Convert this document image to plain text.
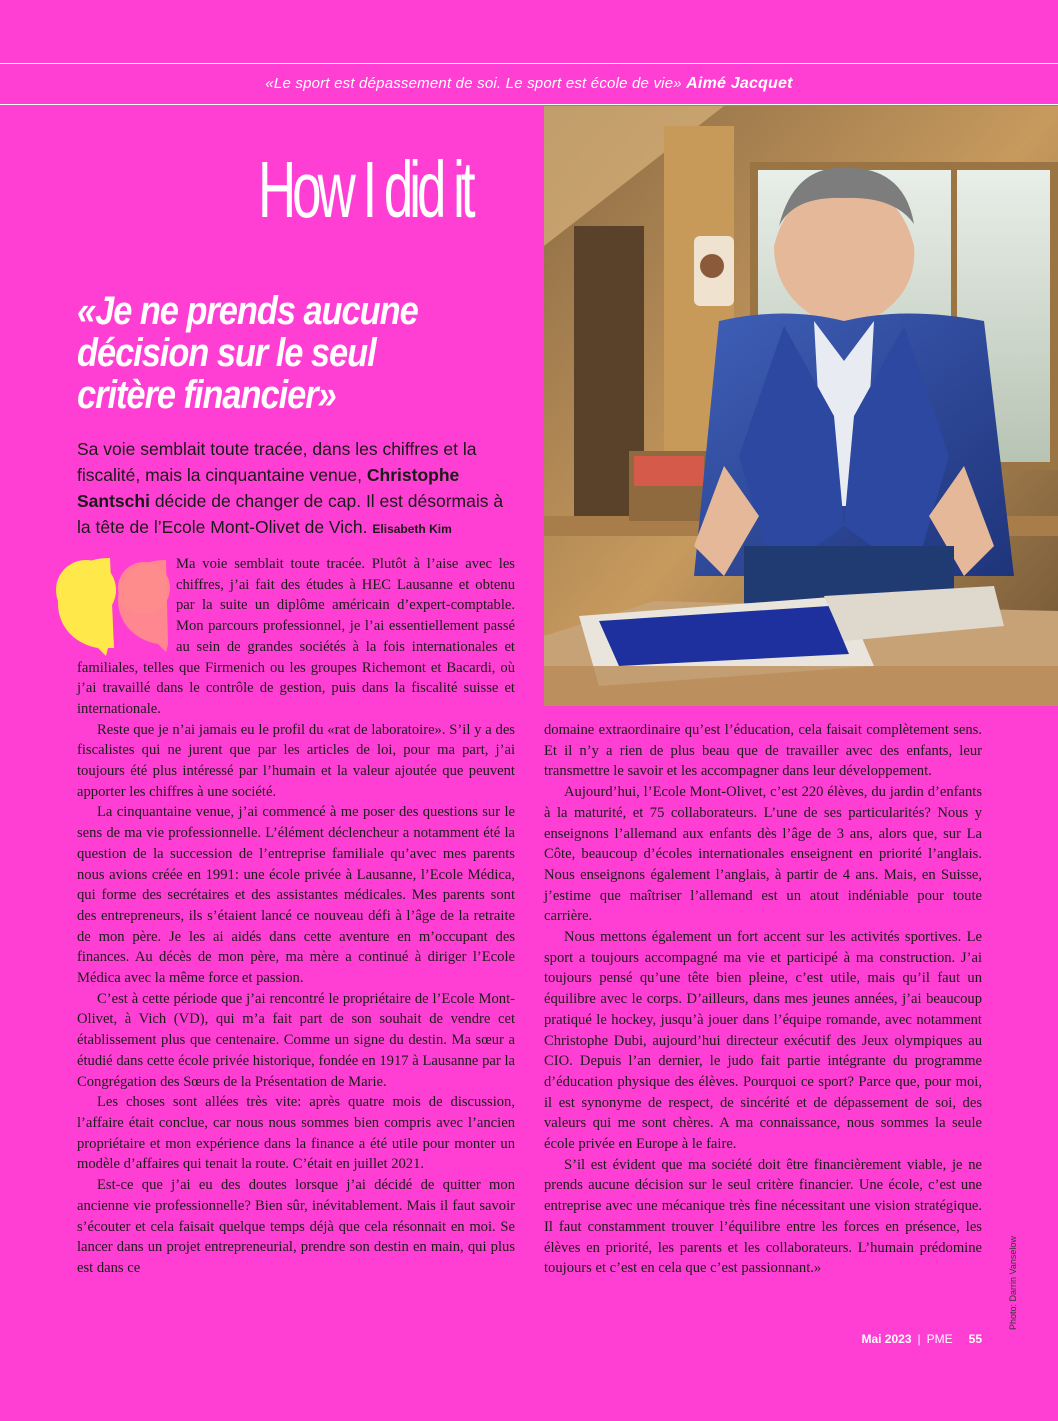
«Le sport est dépassement de soi. Le sport est école de vie» Aimé Jacquet
How I did it
«Je ne prends aucune décision sur le seul critère financier»

Sa voie semblait toute tracée, dans les chiffres et la fiscalité, mais la cinquantaine venue, Christophe Santschi décide de changer de cap. Il est désormais à la tête de l’Ecole Mont-Olivet de Vich. Elisabeth Kim

Ma voie semblait toute tracée. Plutôt à l’aise avec les chiffres, j’ai fait des études à HEC Lausanne et obtenu par la suite un diplôme américain d’expert-comptable. Mon parcours professionnel, je l’ai essentiellement passé au sein de grandes sociétés à la fois internationales et familiales, telles que Firmenich ou les groupes Richemont et Bacardi, où j’ai travaillé dans le contrôle de gestion, puis dans la fiscalité suisse et internationale.

Reste que je n’ai jamais eu le profil du «rat de laboratoire». S’il y a des fiscalistes qui ne jurent que par les articles de loi, pour ma part, j’ai toujours été plus intéressé par l’humain et la valeur ajoutée que peuvent apporter les chiffres à une société.

La cinquantaine venue, j’ai commencé à me poser des questions sur le sens de ma vie professionnelle. L’élément déclencheur a notamment été la question de la succession de l’entreprise familiale qu’avec mes parents nous avions créée en 1991: une école privée à Lausanne, l’Ecole Médica, qui forme des secrétaires et des assistantes médicales. Mes parents sont des entrepreneurs, ils s’étaient lancé ce nouveau défi à l’âge de la retraite de mon père. Je les ai aidés dans cette aventure en m’occupant des finances. Au décès de mon père, ma mère a continué à diriger l’Ecole Médica avec la même force et passion.

C’est à cette période que j’ai rencontré le propriétaire de l’Ecole Mont-Olivet, à Vich (VD), qui m’a fait part de son souhait de vendre cet établissement plus que centenaire. Comme un signe du destin. Ma sœur a étudié dans cette école privée historique, fondée en 1917 à Lausanne par la Congrégation des Sœurs de la Présentation de Marie.

Les choses sont allées très vite: après quatre mois de discussion, l’affaire était conclue, car nous nous sommes bien compris avec l’ancien propriétaire et mon expérience dans la finance a été utile pour monter un modèle d’affaires qui tenait la route. C’était en juillet 2021.

Est-ce que j’ai eu des doutes lorsque j’ai décidé de quitter mon ancienne vie professionnelle? Bien sûr, inévitablement. Mais il faut savoir s’écouter et cela faisait quelque temps déjà que cela résonnait en moi. Se lancer dans un projet entrepreneurial, prendre son destin en main, qui plus est dans ce

domaine extraordinaire qu’est l’éducation, cela faisait complètement sens. Et il n’y a rien de plus beau que de travailler avec des enfants, leur transmettre le savoir et les accompagner dans leur développement.

Aujourd’hui, l’Ecole Mont-Olivet, c’est 220 élèves, du jardin d’enfants à la maturité, et 75 collaborateurs. L’une de ses particularités? Nous y enseignons l’allemand aux enfants dès l’âge de 3 ans, alors que, sur La Côte, beaucoup d’écoles internationales enseignent en priorité l’anglais. Nous enseignons également l’anglais, à partir de 4 ans. Mais, en Suisse, j’estime que maîtriser l’allemand est un atout indéniable pour toute carrière.

Nous mettons également un fort accent sur les activités sportives. Le sport a toujours accompagné ma vie et participé à ma construction. J’ai toujours pensé qu’une tête bien pleine, c’est utile, mais qu’il faut un équilibre avec le corps. D’ailleurs, dans mes jeunes années, j’ai beaucoup pratiqué le hockey, jusqu’à jouer dans l’équipe romande, avec notamment Christophe Dubi, aujourd’hui directeur exécutif des Jeux olympiques au CIO. Depuis l’an dernier, le judo fait partie intégrante du programme d’éducation physique des élèves. Pourquoi ce sport? Parce que, pour moi, il est synonyme de respect, de sincérité et de dépassement de soi, des valeurs qui me sont chères. A ma connaissance, nous sommes la seule école privée en Europe à le faire.

S’il est évident que ma société doit être financièrement viable, je ne prends aucune décision sur le seul critère financier. Une école, c’est une entreprise avec une mécanique très fine nécessitant une vision stratégique. Il faut constamment trouver l’équilibre entre les forces en présence, les élèves en priorité, les parents et les collaborateurs. L’humain prédomine toujours et c’est en cela que c’est passionnant.»	Photo: Darrin Vanselow
Mai 2023 | PME 55
